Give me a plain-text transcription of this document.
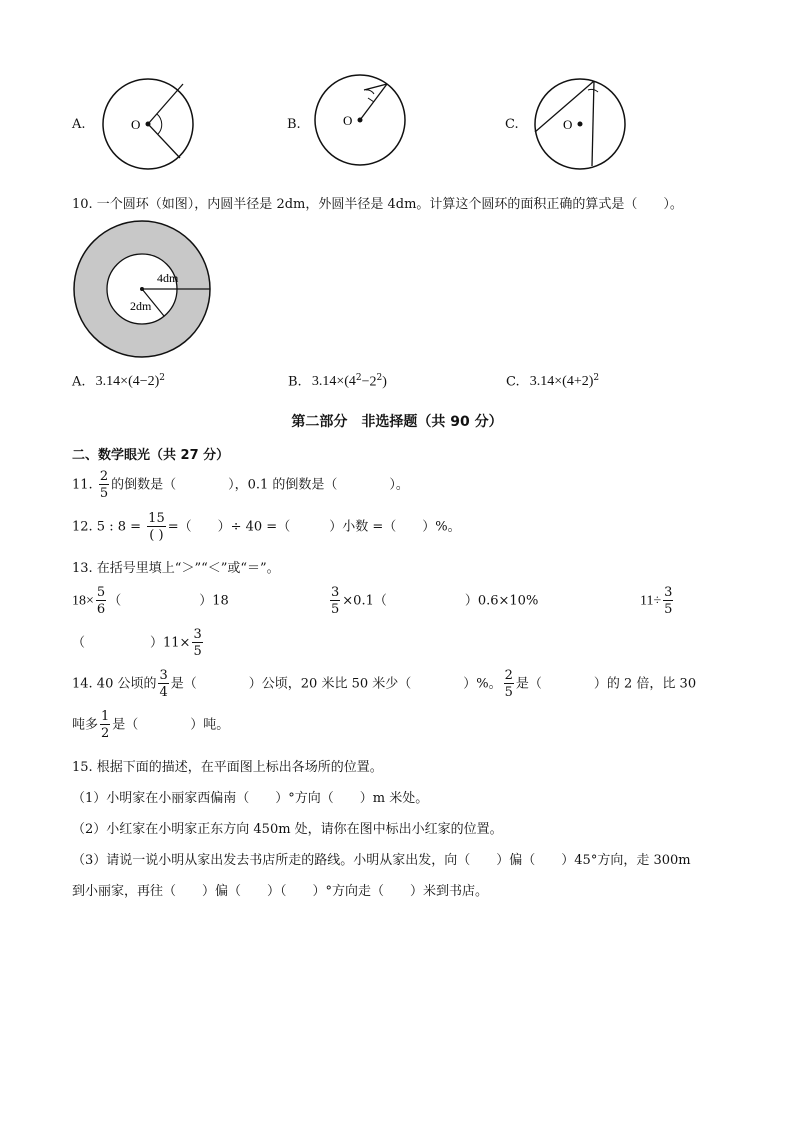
A.	O	B.	O	C.	O
10. 一个圆环（如图），内圆半径是 2dm，外圆半径是 4dm。计算这个圆环的面积正确的算式是（　　）。
4dm
2dm
A. $3.14\times(4-2)^2$	B. $3.14\times(4^2-2^2)$	C. $3.14\times(4+2)^2$
第二部分　非选择题（共 90 分）
二、数学眼光（共 27 分）
11. $\frac{2}{5}$ 的倒数是（　　　　），0.1 的倒数是（　　　　）。
12. 5 : $8 = \frac{15}{( )}$ =（　　）÷ 40 =（　　　）小数 =（　　）%。
13. 在括号里填上“＞”“＜”或“＝”。
$18\times \frac{5}{6}$ （　　　　　　）18	$\frac{3}{5} \times 0.1$（　　　　　　）0.6×10%	$11\div \frac{3}{5}$
（　　　　　）$11\times \frac{3}{5}$
14. 40 公顷的 $\frac{3}{4}$ 是（　　　　）公顷，20 米比 50 米少（　　　　）%。 $\frac{2}{5}$ 是（　　　　）的 2 倍，比 30
吨多 $\frac{1}{2}$ 是（　　　　）吨。
15. 根据下面的描述，在平面图上标出各场所的位置。
（1）小明家在小丽家西偏南（　　）°方向（　　）m 米处。
（2）小红家在小明家正东方向 450m 处，请你在图中标出小红家的位置。
（3）请说一说小明从家出发去书店所走的路线。小明从家出发，向（　　）偏（　　）45°方向，走 300m
到小丽家，再往（　　）偏（　　）（　　）°方向走（　　）米到书店。
